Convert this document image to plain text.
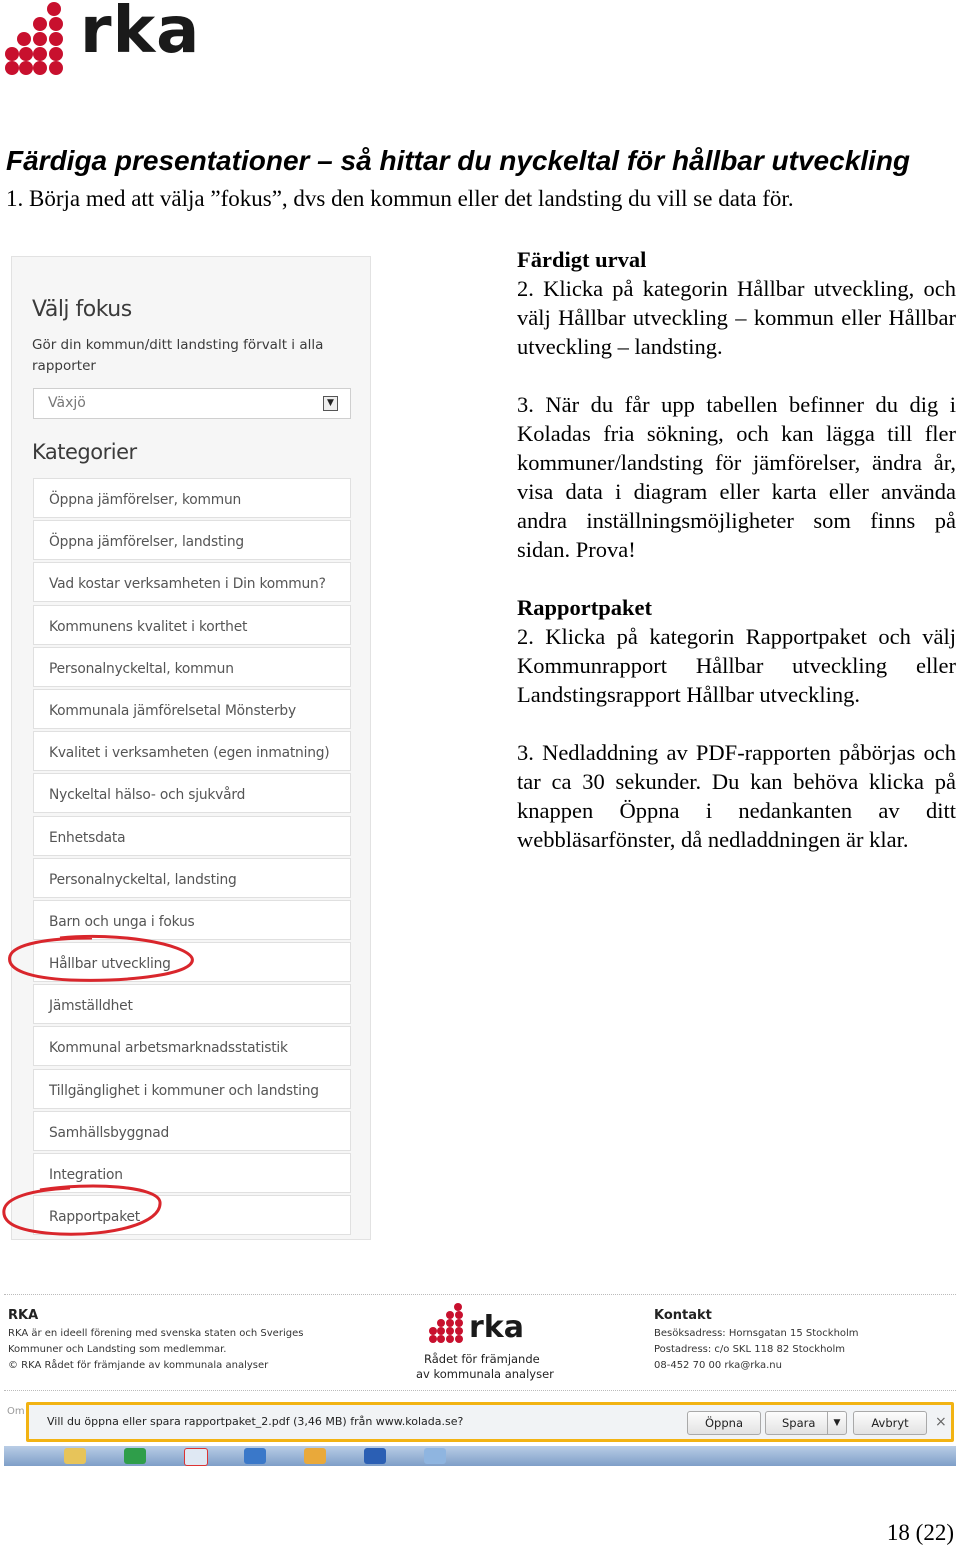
rka
Färdiga presentationer – så hittar du nyckeltal för hållbar utveckling
1. Börja med att välja ”fokus”, dvs den kommun eller det landsting du vill se data för.
Välj fokus
Gör din kommun/ditt landsting förvalt i alla rapporter
Växjö	▼
Kategorier
Öppna jämförelser, kommun
Öppna jämförelser, landsting
Vad kostar verksamheten i Din kommun?
Kommunens kvalitet i korthet
Personalnyckeltal, kommun
Kommunala jämförelsetal Mönsterby
Kvalitet i verksamheten (egen inmatning)
Nyckeltal hälso- och sjukvård
Enhetsdata
Personalnyckeltal, landsting
Barn och unga i fokus
Hållbar utveckling
Jämställdhet
Kommunal arbetsmarknadsstatistik
Tillgänglighet i kommuner och landsting
Samhällsbyggnad
Integration
Rapportpaket

Färdigt urval

2. Klicka på kategorin Hållbar utveckling, och välj Hållbar utveckling – kommun eller Hållbar utveckling – landsting.

3. När du får upp tabellen befinner du dig i Koladas fria sökning, och kan lägga till fler kommuner/landsting för jämförelser, ändra år, visa data i diagram eller karta eller använda andra inställningsmöjligheter som finns på sidan. Prova!

Rapportpaket

2. Klicka på kategorin Rapportpaket och välj Kommunrapport Hållbar utveckling eller Landstingsrapport Hållbar utveckling.

3. Nedladdning av PDF-rapporten påbörjas och tar ca 30 sekunder. Du kan behöva klicka på knappen Öppna i nedankanten av ditt webbläsarfönster, då nedladdningen är klar.

RKA
RKA är en ideell förening med svenska staten och Sveriges
Kommuner och Landsting som medlemmar.
© RKA Rådet för främjande av kommunala analyser
rka
Rådet för främjande
av kommunala analyser
Kontakt
Besöksadress: Hornsgatan 15 Stockholm
Postadress: c/o SKL 118 82 Stockholm
08-452 70 00 rka@rka.nu
Om
Vill du öppna eller spara rapportpaket_2.pdf (3,46 MB) från www.kolada.se?	Öppna	Spara	▼	Avbryt	×
18 (22)
